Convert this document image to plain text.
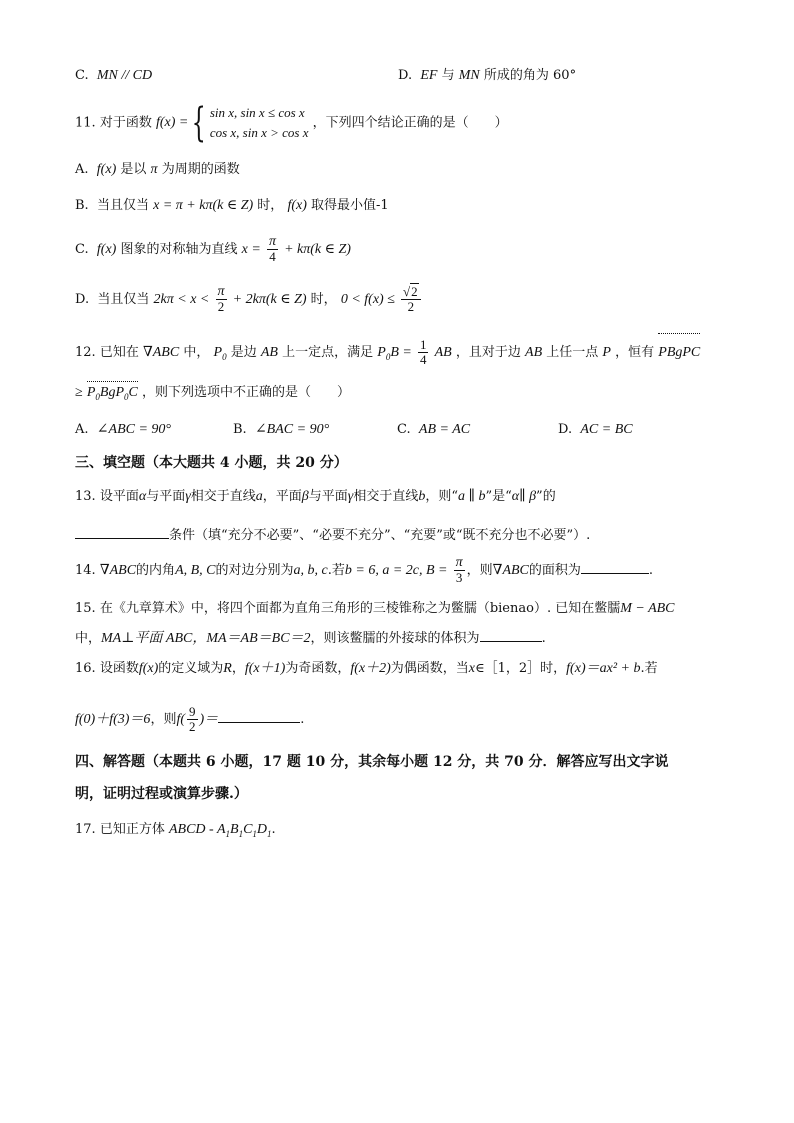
C. MN // CD	D. EF 与 MN 所成的角为 60°
11. 对于函数 f(x) = { sin x, sin x ≤ cos x
cos x, sin x > cos x
，下列四个结论正确的是（　　）
A. f(x) 是以 π 为周期的函数
B. 当且仅当 x = π + kπ(k ∈ Z) 时， f(x) 取得最小值-1
C. f(x) 图象的对称轴为直线 $x = \frac{\pi}{4} + k\pi(k$ ∈ Z)
D. 当且仅当 $2k\pi < x < \frac{\pi}{2} + 2k\pi(k$ ∈ Z) 时， $0 < f(x) \le \frac{√2}{2}$
12. 已知在 ∇ABC 中， $P_0$ 是边 AB 上一定点，满足 $P_0B = \frac{1}{4}$ AB ，且对于边 AB 上任一点 P ，恒有 PBgPC
≥ $P_0BgP_0C$ ，则下列选项中不正确的是（　　）
A. ∠ABC = 90°	B. ∠BAC = 90°	C. AB = AC	D. AC = BC
三、填空题（本大题共 4 小题，共 20 分）
13. 设平面α与平面γ相交于直线a，平面β与平面γ相交于直线b，则“a ∥ b”是“α∥ β”的
条件（填“充分不必要”、“必要不充分”、“充要”或“既不充分也不必要”）.
14. ∇ABC的内角A, B, C的对边分别为a, b, c.若b = 6, a = 2c, $B = \frac{\pi}{3}$ ，则∇ABC的面积为	.
15. 在《九章算术》中，将四个面都为直角三角形的三棱锥称之为鳖臑（bienao）. 已知在鳖臑M − ABC
中，MA⊥平面 ABC，MA＝AB＝BC＝2，则该鳖臑的外接球的体积为	.
16. 设函数f(x)的定义域为R，f(x＋1)为奇函数，f(x＋2)为偶函数，当x∈［1，2］时，f(x)＝ax² + b.若
f(0)＋f(3)＝6，则$f( \frac{9}{2}$ )＝	.
四、解答题（本题共 6 小题，17 题 10 分，其余每小题 12 分，共 70 分．解答应写出文字说
明，证明过程或演算步骤.）
17. 已知正方体 ABCD - $A_1B_1C_1D_1$.
